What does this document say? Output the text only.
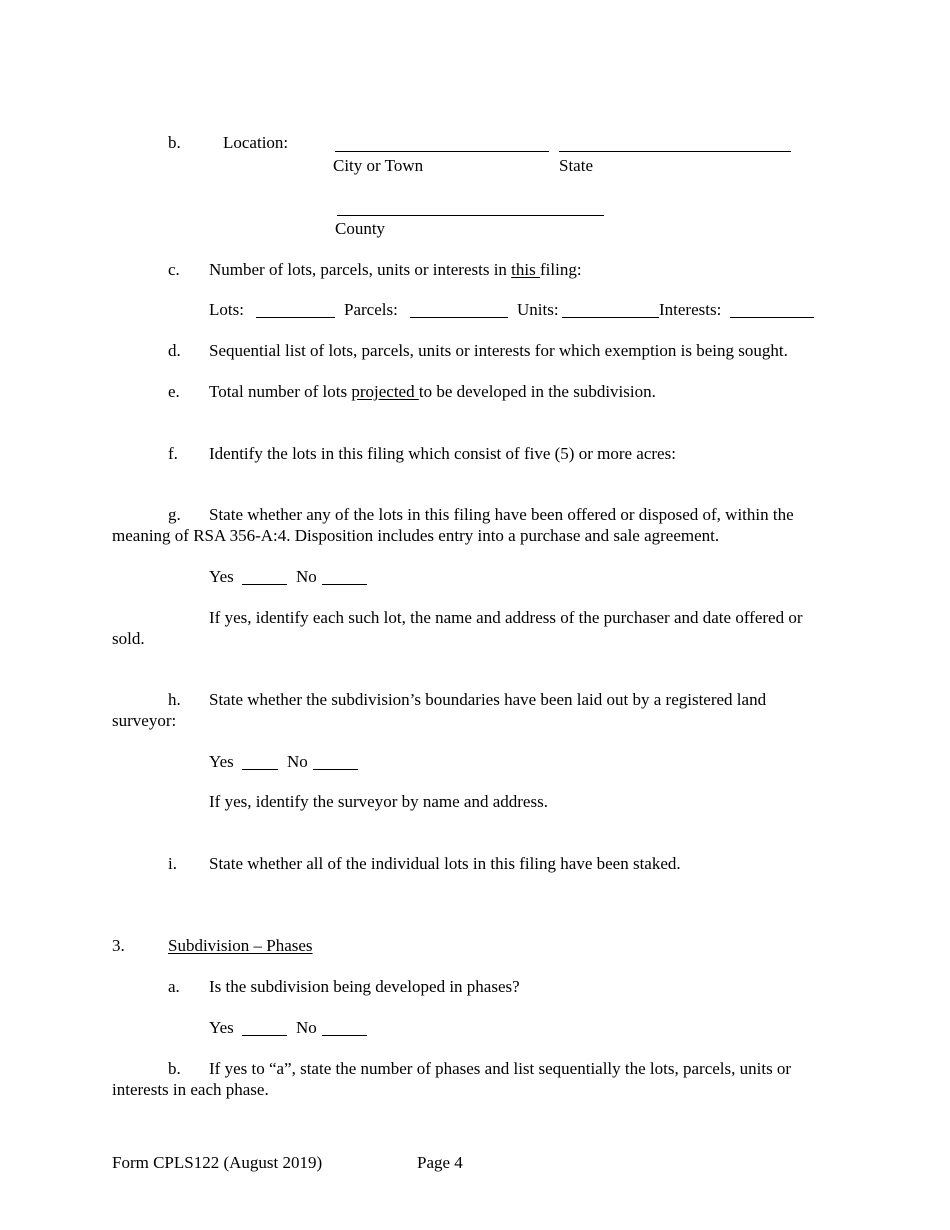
b. Location:
City or Town	State
County
c. Number of lots, parcels, units or interests in this filing:
Lots:	Parcels:	Units:	Interests:
d. Sequential list of lots, parcels, units or interests for which exemption is being sought.
e. Total number of lots projected to be developed in the subdivision.
f. Identify the lots in this filing which consist of five (5) or more acres:
g. State whether any of the lots in this filing have been offered or disposed of, within the
meaning of RSA 356-A:4. Disposition includes entry into a purchase and sale agreement.
Yes	No
If yes, identify each such lot, the name and address of the purchaser and date offered or
sold.
h. State whether the subdivision’s boundaries have been laid out by a registered land
surveyor:
Yes	No
If yes, identify the surveyor by name and address.
i. State whether all of the individual lots in this filing have been staked.
3.	Subdivision – Phases
a. Is the subdivision being developed in phases?
Yes	No
b. If yes to “a”, state the number of phases and list sequentially the lots, parcels, units or
interests in each phase.
Form CPLS122 (August 2019)	Page 4
